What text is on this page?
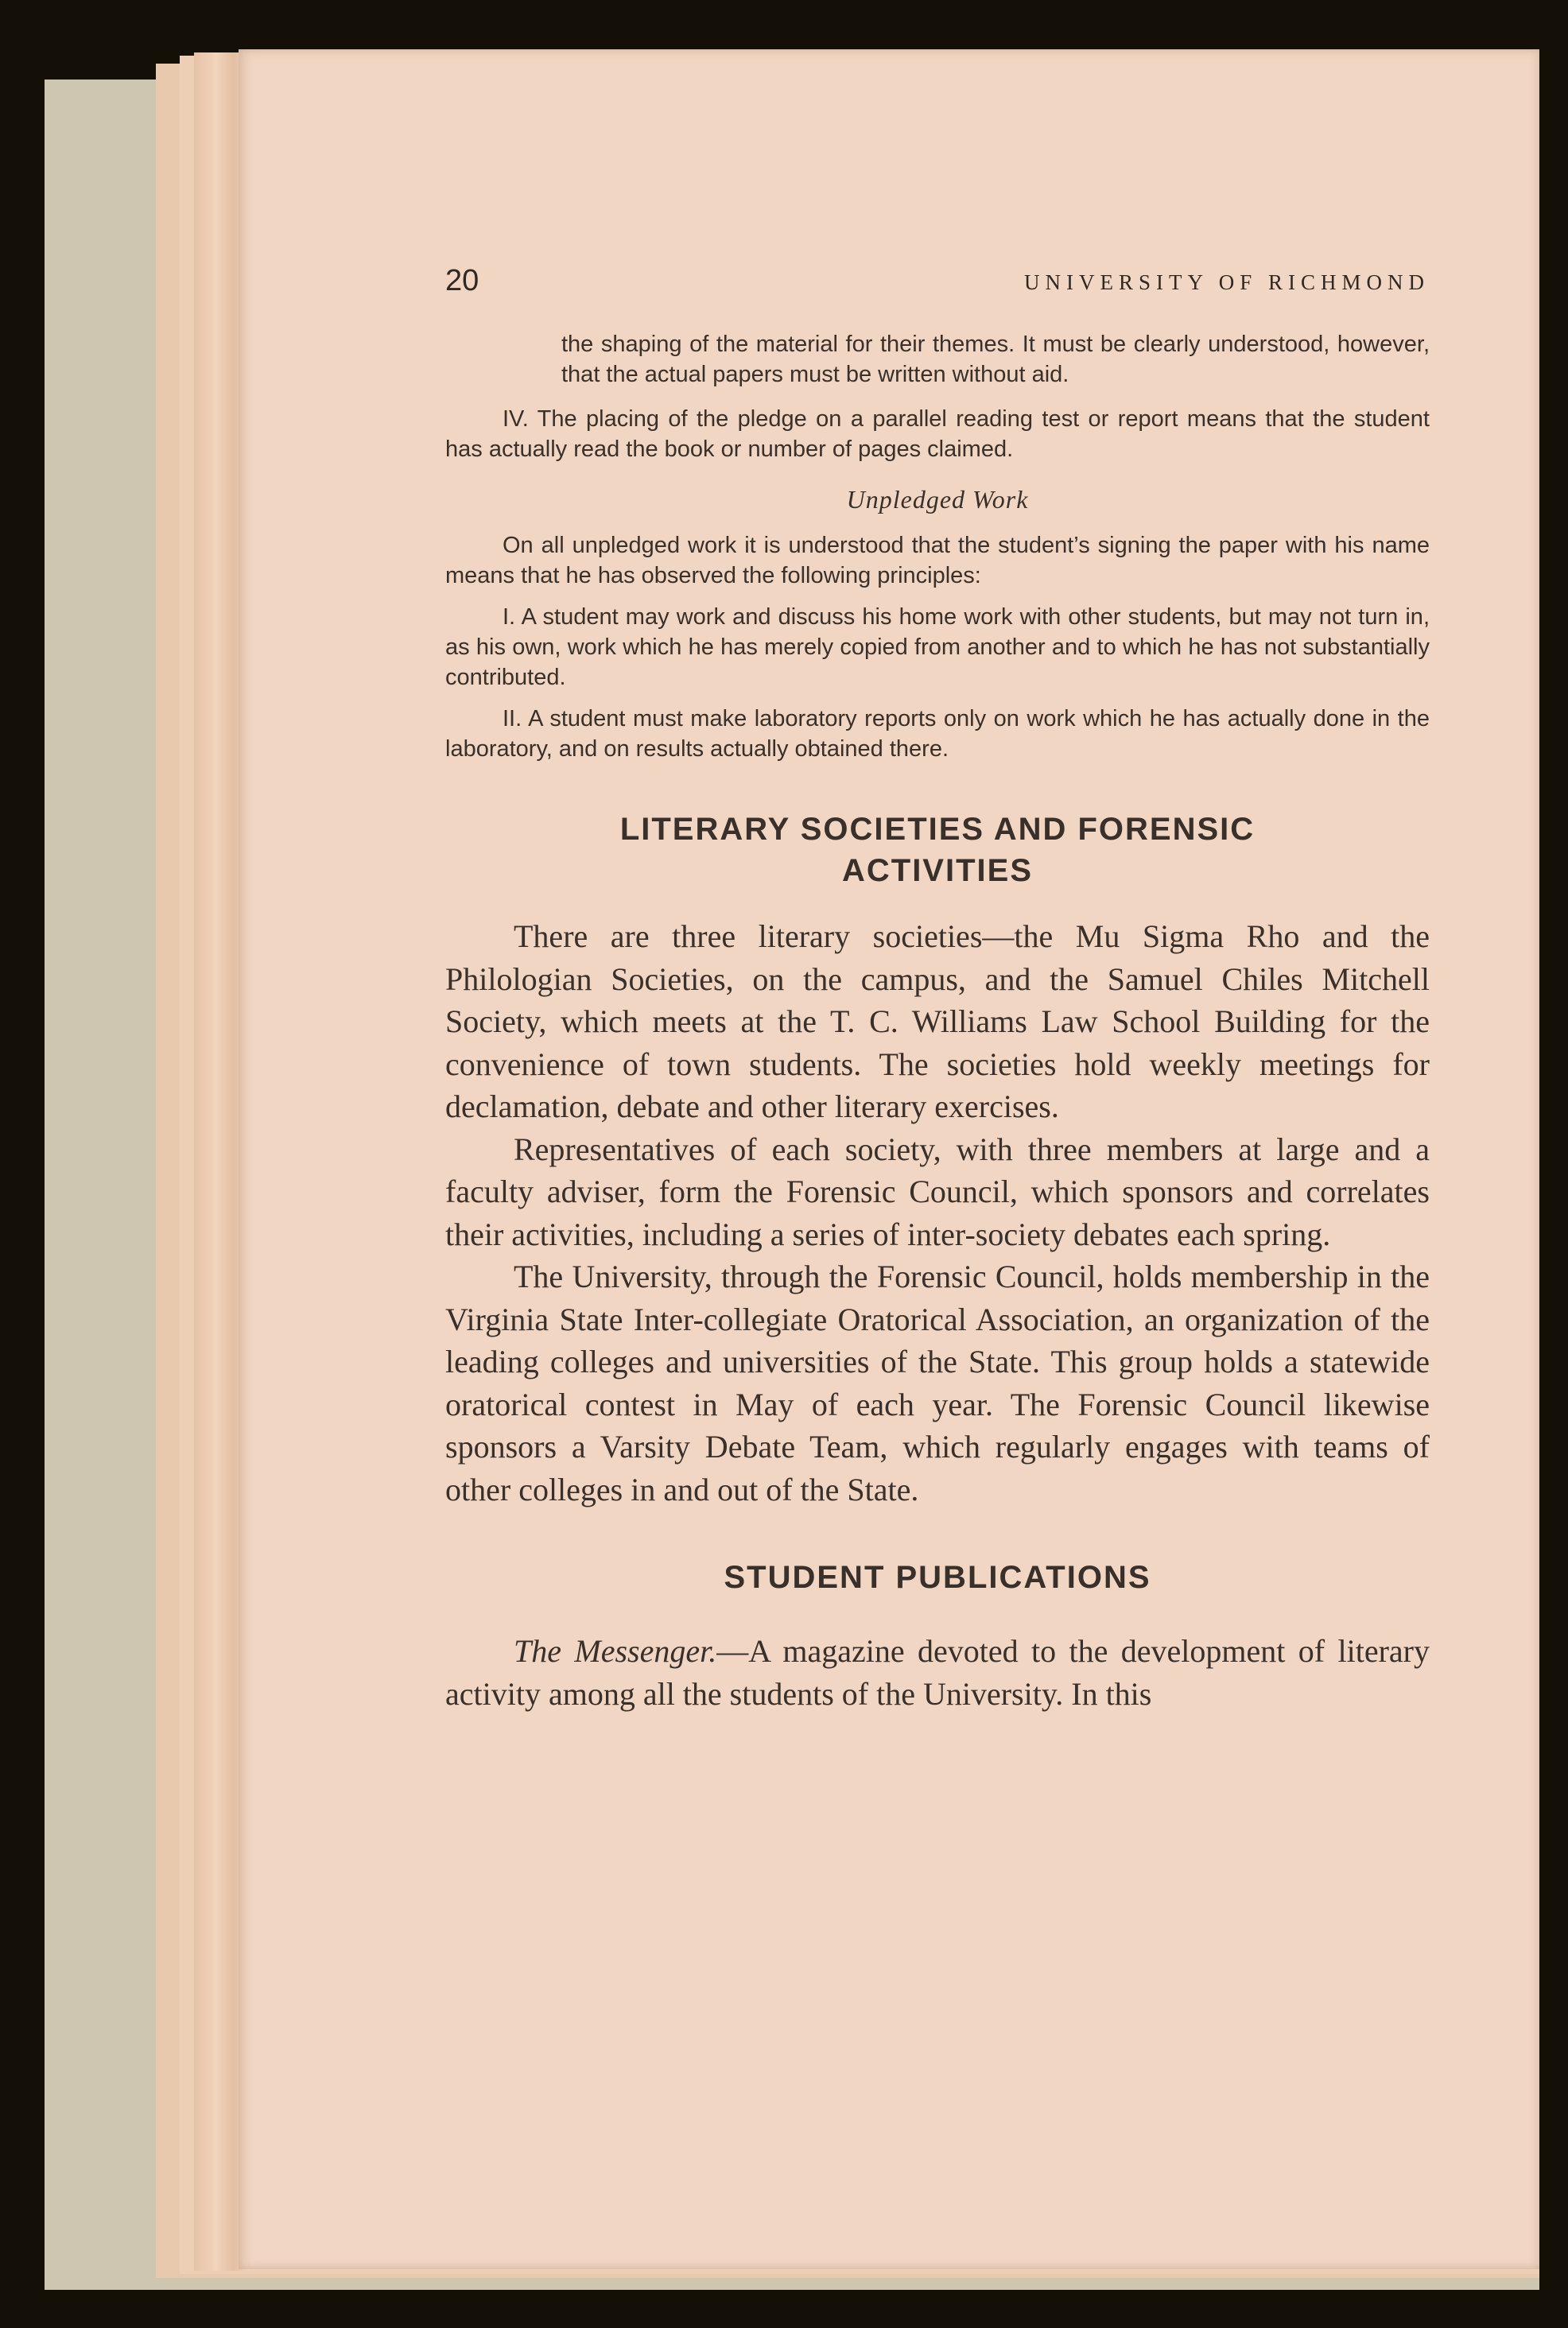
20	UNIVERSITY OF RICHMOND

the shaping of the material for their themes. It must be clearly understood, however, that the actual papers must be written without aid.

IV. The placing of the pledge on a parallel reading test or report means that the student has actually read the book or number of pages claimed.

Unpledged Work

On all unpledged work it is understood that the student’s signing the paper with his name means that he has observed the following principles:

I. A student may work and discuss his home work with other students, but may not turn in, as his own, work which he has merely copied from another and to which he has not substantially contributed.

II. A student must make laboratory reports only on work which he has actually done in the laboratory, and on results actually obtained there.

LITERARY SOCIETIES AND FORENSIC

ACTIVITIES

There are three literary societies—the Mu Sigma Rho and the Philologian Societies, on the campus, and the Samuel Chiles Mitchell Society, which meets at the T. C. Williams Law School Building for the convenience of town students. The societies hold weekly meetings for declamation, debate and other literary exercises.

Representatives of each society, with three members at large and a faculty adviser, form the Forensic Council, which sponsors and correlates their activities, including a series of inter-society debates each spring.

The University, through the Forensic Council, holds membership in the Virginia State Inter-collegiate Oratorical Association, an organization of the leading colleges and universities of the State. This group holds a statewide oratorical contest in May of each year. The Forensic Council likewise sponsors a Varsity Debate Team, which regularly engages with teams of other colleges in and out of the State.

STUDENT PUBLICATIONS

The Messenger.—A magazine devoted to the development of literary activity among all the students of the University. In this
